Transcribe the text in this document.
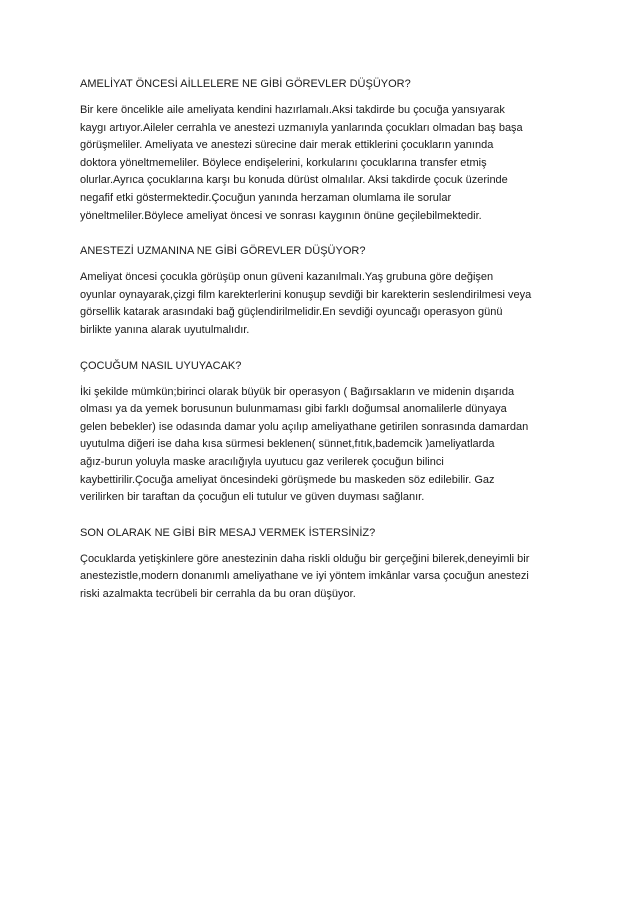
AMELİYAT ÖNCESİ AİLLELERE NE GİBİ GÖREVLER DÜŞÜYOR?
Bir kere öncelikle aile ameliyata kendini hazırlamalı.Aksi takdirde bu çocuğa yansıyarak
kaygı artıyor.Aileler cerrahla ve anestezi uzmanıyla yanlarında çocukları olmadan baş başa
görüşmeliler. Ameliyata ve anestezi sürecine dair merak ettiklerini çocukların yanında
doktora yöneltmemeliler. Böylece endişelerini, korkularını çocuklarına transfer etmiş
olurlar.Ayrıca çocuklarına karşı bu konuda dürüst olmalılar. Aksi takdirde çocuk üzerinde
negafif etki göstermektedir.Çocuğun yanında herzaman olumlama ile sorular
yöneltmeliler.Böylece ameliyat öncesi ve sonrası kaygının önüne geçilebilmektedir.
ANESTEZİ UZMANINA NE GİBİ GÖREVLER DÜŞÜYOR?
Ameliyat öncesi çocukla görüşüp onun güveni kazanılmalı.Yaş grubuna göre değişen
oyunlar oynayarak,çizgi film karekterlerini konuşup sevdiği bir karekterin seslendirilmesi veya
görsellik katarak arasındaki bağ güçlendirilmelidir.En sevdiği oyuncağı operasyon günü
birlikte yanına alarak uyutulmalıdır.
ÇOCUĞUM NASIL UYUYACAK?
İki şekilde mümkün;birinci olarak büyük bir operasyon ( Bağırsakların ve midenin dışarıda
olması ya da yemek borusunun bulunmaması gibi farklı doğumsal anomalilerle dünyaya
gelen bebekler) ise odasında damar yolu açılıp ameliyathane getirilen sonrasında damardan
uyutulma diğeri ise daha kısa sürmesi beklenen( sünnet,fıtık,bademcik )ameliyatlarda
ağız-burun yoluyla maske aracılığıyla uyutucu gaz verilerek çocuğun bilinci
kaybettirilir.Çocuğa ameliyat öncesindeki görüşmede bu maskeden söz edilebilir. Gaz
verilirken bir taraftan da çocuğun eli tutulur ve güven duyması sağlanır.
SON OLARAK NE GİBİ BİR MESAJ VERMEK İSTERSİNİZ?
Çocuklarda yetişkinlere göre anestezinin daha riskli olduğu bir gerçeğini bilerek,deneyimli bir
anestezistle,modern donanımlı ameliyathane ve iyi yöntem imkânlar varsa çocuğun anestezi
riski azalmakta tecrübeli bir cerrahla da bu oran düşüyor.
